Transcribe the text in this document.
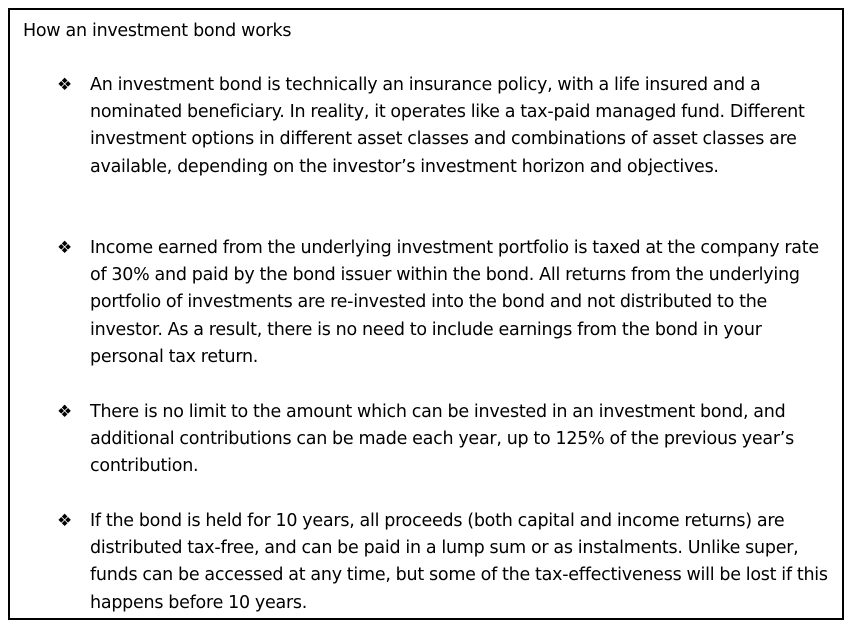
How an investment bond works
❖ An investment bond is technically an insurance policy, with a life insured and a nominated beneficiary. In reality, it operates like a tax-paid managed fund. Different investment options in different asset classes and combinations of asset classes are available, depending on the investor’s investment horizon and objectives.
❖ Income earned from the underlying investment portfolio is taxed at the company rate of 30% and paid by the bond issuer within the bond. All returns from the underlying portfolio of investments are re-invested into the bond and not distributed to the investor. As a result, there is no need to include earnings from the bond in your personal tax return.
❖ There is no limit to the amount which can be invested in an investment bond, and additional contributions can be made each year, up to 125% of the previous year’s contribution.
❖ If the bond is held for 10 years, all proceeds (both capital and income returns) are distributed tax-free, and can be paid in a lump sum or as instalments. Unlike super, funds can be accessed at any time, but some of the tax-effectiveness will be lost if this happens before 10 years.
